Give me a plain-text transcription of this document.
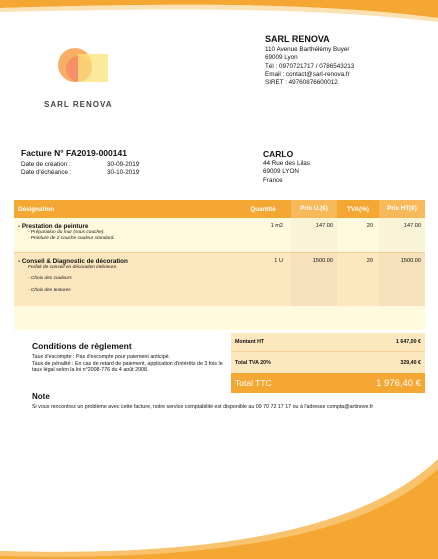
SARL RENOVA
SARL RENOVA
110 Avenue Barthélémy Buyer
69009 Lyon
Tél : 0970721717 / 0786543213
Email : contact@sarl-renova.fr
SIRET : 49760876600012
Facture N° FA2019-000141
Date de création :	30-09-2019
Date d'échéance :	30-10-2019
CARLO
44 Rue des Lilas
69009 LYON
France
Désignation	Quantité	Prix U.(€)	TVA(%)	Prix HT(€)
- Prestation de peinture
- Préparation du mur (sous couche).
- Peinture de 2 couche couleur standard.
1 m2	147.00	20	147.00
- Conseil & Diagnostic de décoration
Forfait de conseil en décoration intérieure.
- Choix des couleurs
- Choix des textures
1 U	1500.00	20	1500.00
Conditions de règlement
Taux d'escompte : Pas d'escompte pour paiement anticipé.
Taux de pénalité : En cas de retard de paiement, application d'intérêts de 3 fois le taux légal selon la loi n°2008-776 du 4 août 2008.
Montant HT	1 647,00 €
Total TVA 20%	329,40 €
Total TTC	1 976,40 €
Note
Si vous rencontrez un problème avec cette facture, notre service comptabilité est disponible au 09 70 72 17 17 ou à l'adresse compta@artinove.fr
